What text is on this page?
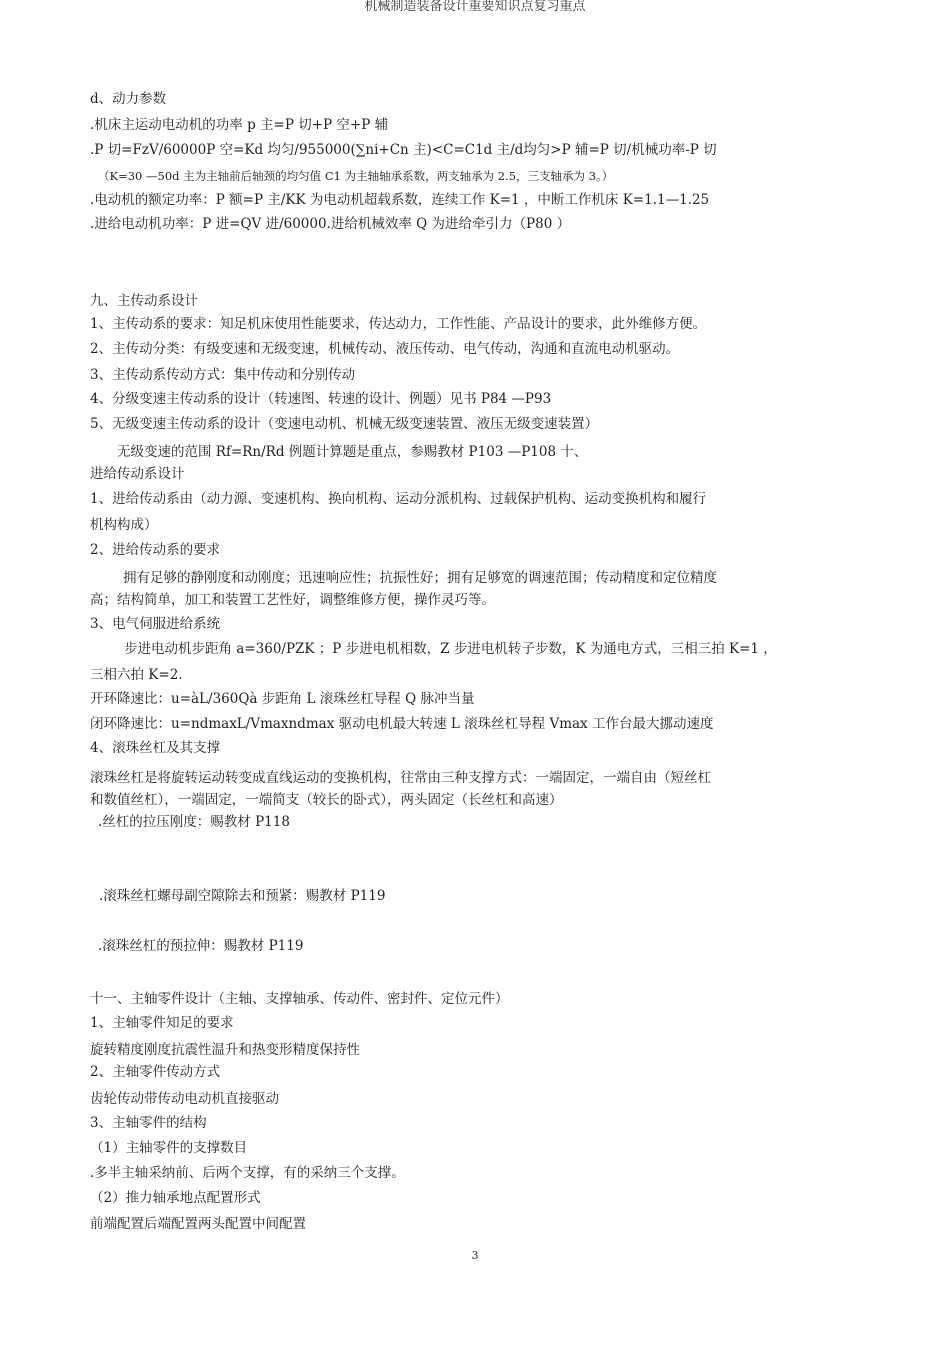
机械制造装备设计重要知识点复习重点
d、动力参数
.机床主运动电动机的功率 p 主=P 切+P 空+P 辅
.P 切=FzV/60000P 空=Kd 均匀/955000(∑ni+Cn 主)<C=C1d 主/d均匀>P 辅=P 切/机械功率-P 切
（K=30 —50d 主为主轴前后轴颈的均匀值 C1 为主轴轴承系数，两支轴承为 2.5，三支轴承为 3。）
.电动机的额定功率：P 额=P 主/KK 为电动机超载系数，连续工作 K=1 ，中断工作机床 K=1.1—1.25
.进给电动机功率：P 进=QV 进/60000.进给机械效率 Q 为进给牵引力（P80 ）
九、主传动系设计
1、主传动系的要求：知足机床使用性能要求，传达动力，工作性能、产品设计的要求，此外维修方便。
2、主传动分类：有级变速和无级变速，机械传动、液压传动、电气传动，沟通和直流电动机驱动。
3、主传动系传动方式：集中传动和分别传动
4、分级变速主传动系的设计（转速图、转速的设计、例题）见书 P84 —P93
5、无级变速主传动系的设计（变速电动机、机械无级变速装置、液压无级变速装置）
无级变速的范围 Rf=Rn/Rd 例题计算题是重点，参赐教材 P103 —P108 十、
进给传动系设计
1、进给传动系由（动力源、变速机构、换向机构、运动分派机构、过载保护机构、运动变换机构和履行
机构构成）
2、进给传动系的要求
拥有足够的静刚度和动刚度；迅速响应性；抗振性好；拥有足够宽的调速范围；传动精度和定位精度
高；结构简单，加工和装置工艺性好，调整维修方便，操作灵巧等。
3、电气伺服进给系统
步进电动机步距角 a=360/PZK ；P 步进电机相数，Z 步进电机转子步数，K 为通电方式，三相三拍 K=1 ，
三相六拍 K=2.
开环降速比：u=àL/360Qà 步距角 L 滚珠丝杠导程 Q 脉冲当量
闭环降速比：u=ndmaxL/Vmaxndmax 驱动电机最大转速 L 滚珠丝杠导程 Vmax 工作台最大挪动速度
4、滚珠丝杠及其支撑
滚珠丝杠是将旋转运动转变成直线运动的变换机构，往常由三种支撑方式：一端固定，一端自由（短丝杠
和数值丝杠），一端固定，一端简支（较长的卧式），两头固定（长丝杠和高速）
.丝杠的拉压刚度：赐教材 P118
.滚珠丝杠螺母副空隙除去和预紧：赐教材 P119
.滚珠丝杠的预拉伸：赐教材 P119
十一、主轴零件设计（主轴、支撑轴承、传动件、密封件、定位元件）
1、主轴零件知足的要求
旋转精度刚度抗震性温升和热变形精度保持性
2、主轴零件传动方式
齿轮传动带传动电动机直接驱动
3、主轴零件的结构
（1）主轴零件的支撑数目
.多半主轴采纳前、后两个支撑，有的采纳三个支撑。
（2）推力轴承地点配置形式
前端配置后端配置两头配置中间配置
3
